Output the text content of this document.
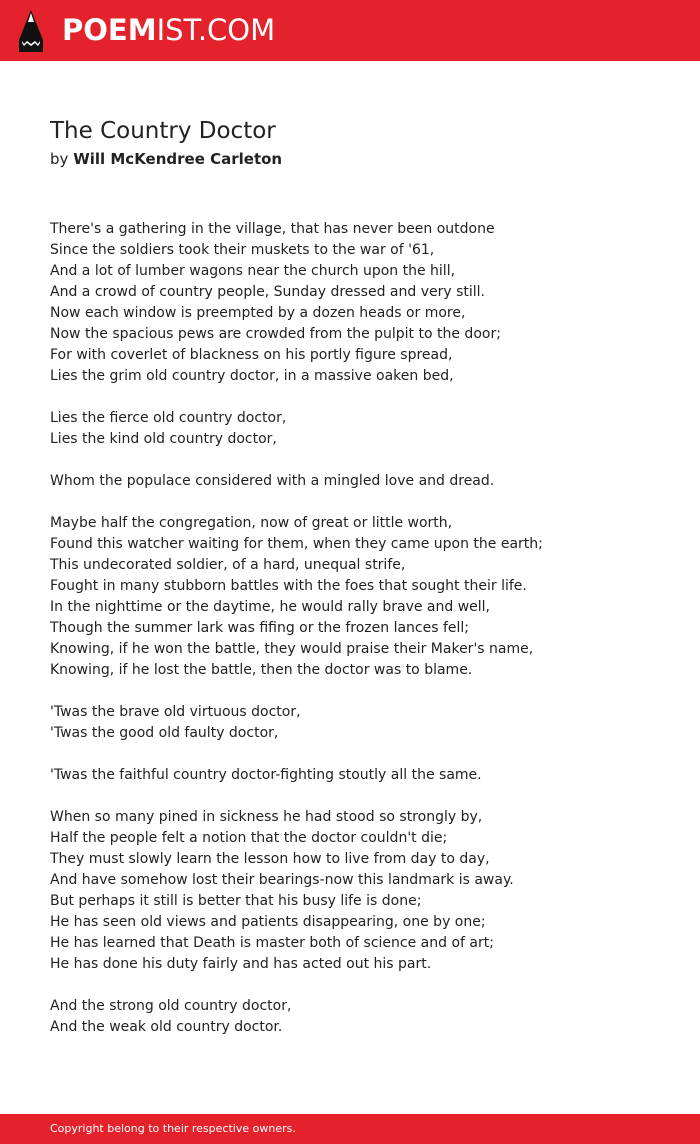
POEMIST.COM
The Country Doctor
by Will McKendree Carleton
There's a gathering in the village, that has never been outdone
Since the soldiers took their muskets to the war of '61,
And a lot of lumber wagons near the church upon the hill,
And a crowd of country people, Sunday dressed and very still.
Now each window is preempted by a dozen heads or more,
Now the spacious pews are crowded from the pulpit to the door;
For with coverlet of blackness on his portly figure spread,
Lies the grim old country doctor, in a massive oaken bed,
Lies the fierce old country doctor,
Lies the kind old country doctor,
Whom the populace considered with a mingled love and dread.
Maybe half the congregation, now of great or little worth,
Found this watcher waiting for them, when they came upon the earth;
This undecorated soldier, of a hard, unequal strife,
Fought in many stubborn battles with the foes that sought their life.
In the nighttime or the daytime, he would rally brave and well,
Though the summer lark was fifing or the frozen lances fell;
Knowing, if he won the battle, they would praise their Maker's name,
Knowing, if he lost the battle, then the doctor was to blame.
'Twas the brave old virtuous doctor,
'Twas the good old faulty doctor,
'Twas the faithful country doctor-fighting stoutly all the same.
When so many pined in sickness he had stood so strongly by,
Half the people felt a notion that the doctor couldn't die;
They must slowly learn the lesson how to live from day to day,
And have somehow lost their bearings-now this landmark is away.
But perhaps it still is better that his busy life is done;
He has seen old views and patients disappearing, one by one;
He has learned that Death is master both of science and of art;
He has done his duty fairly and has acted out his part.
And the strong old country doctor,
And the weak old country doctor.
Copyright belong to their respective owners.
